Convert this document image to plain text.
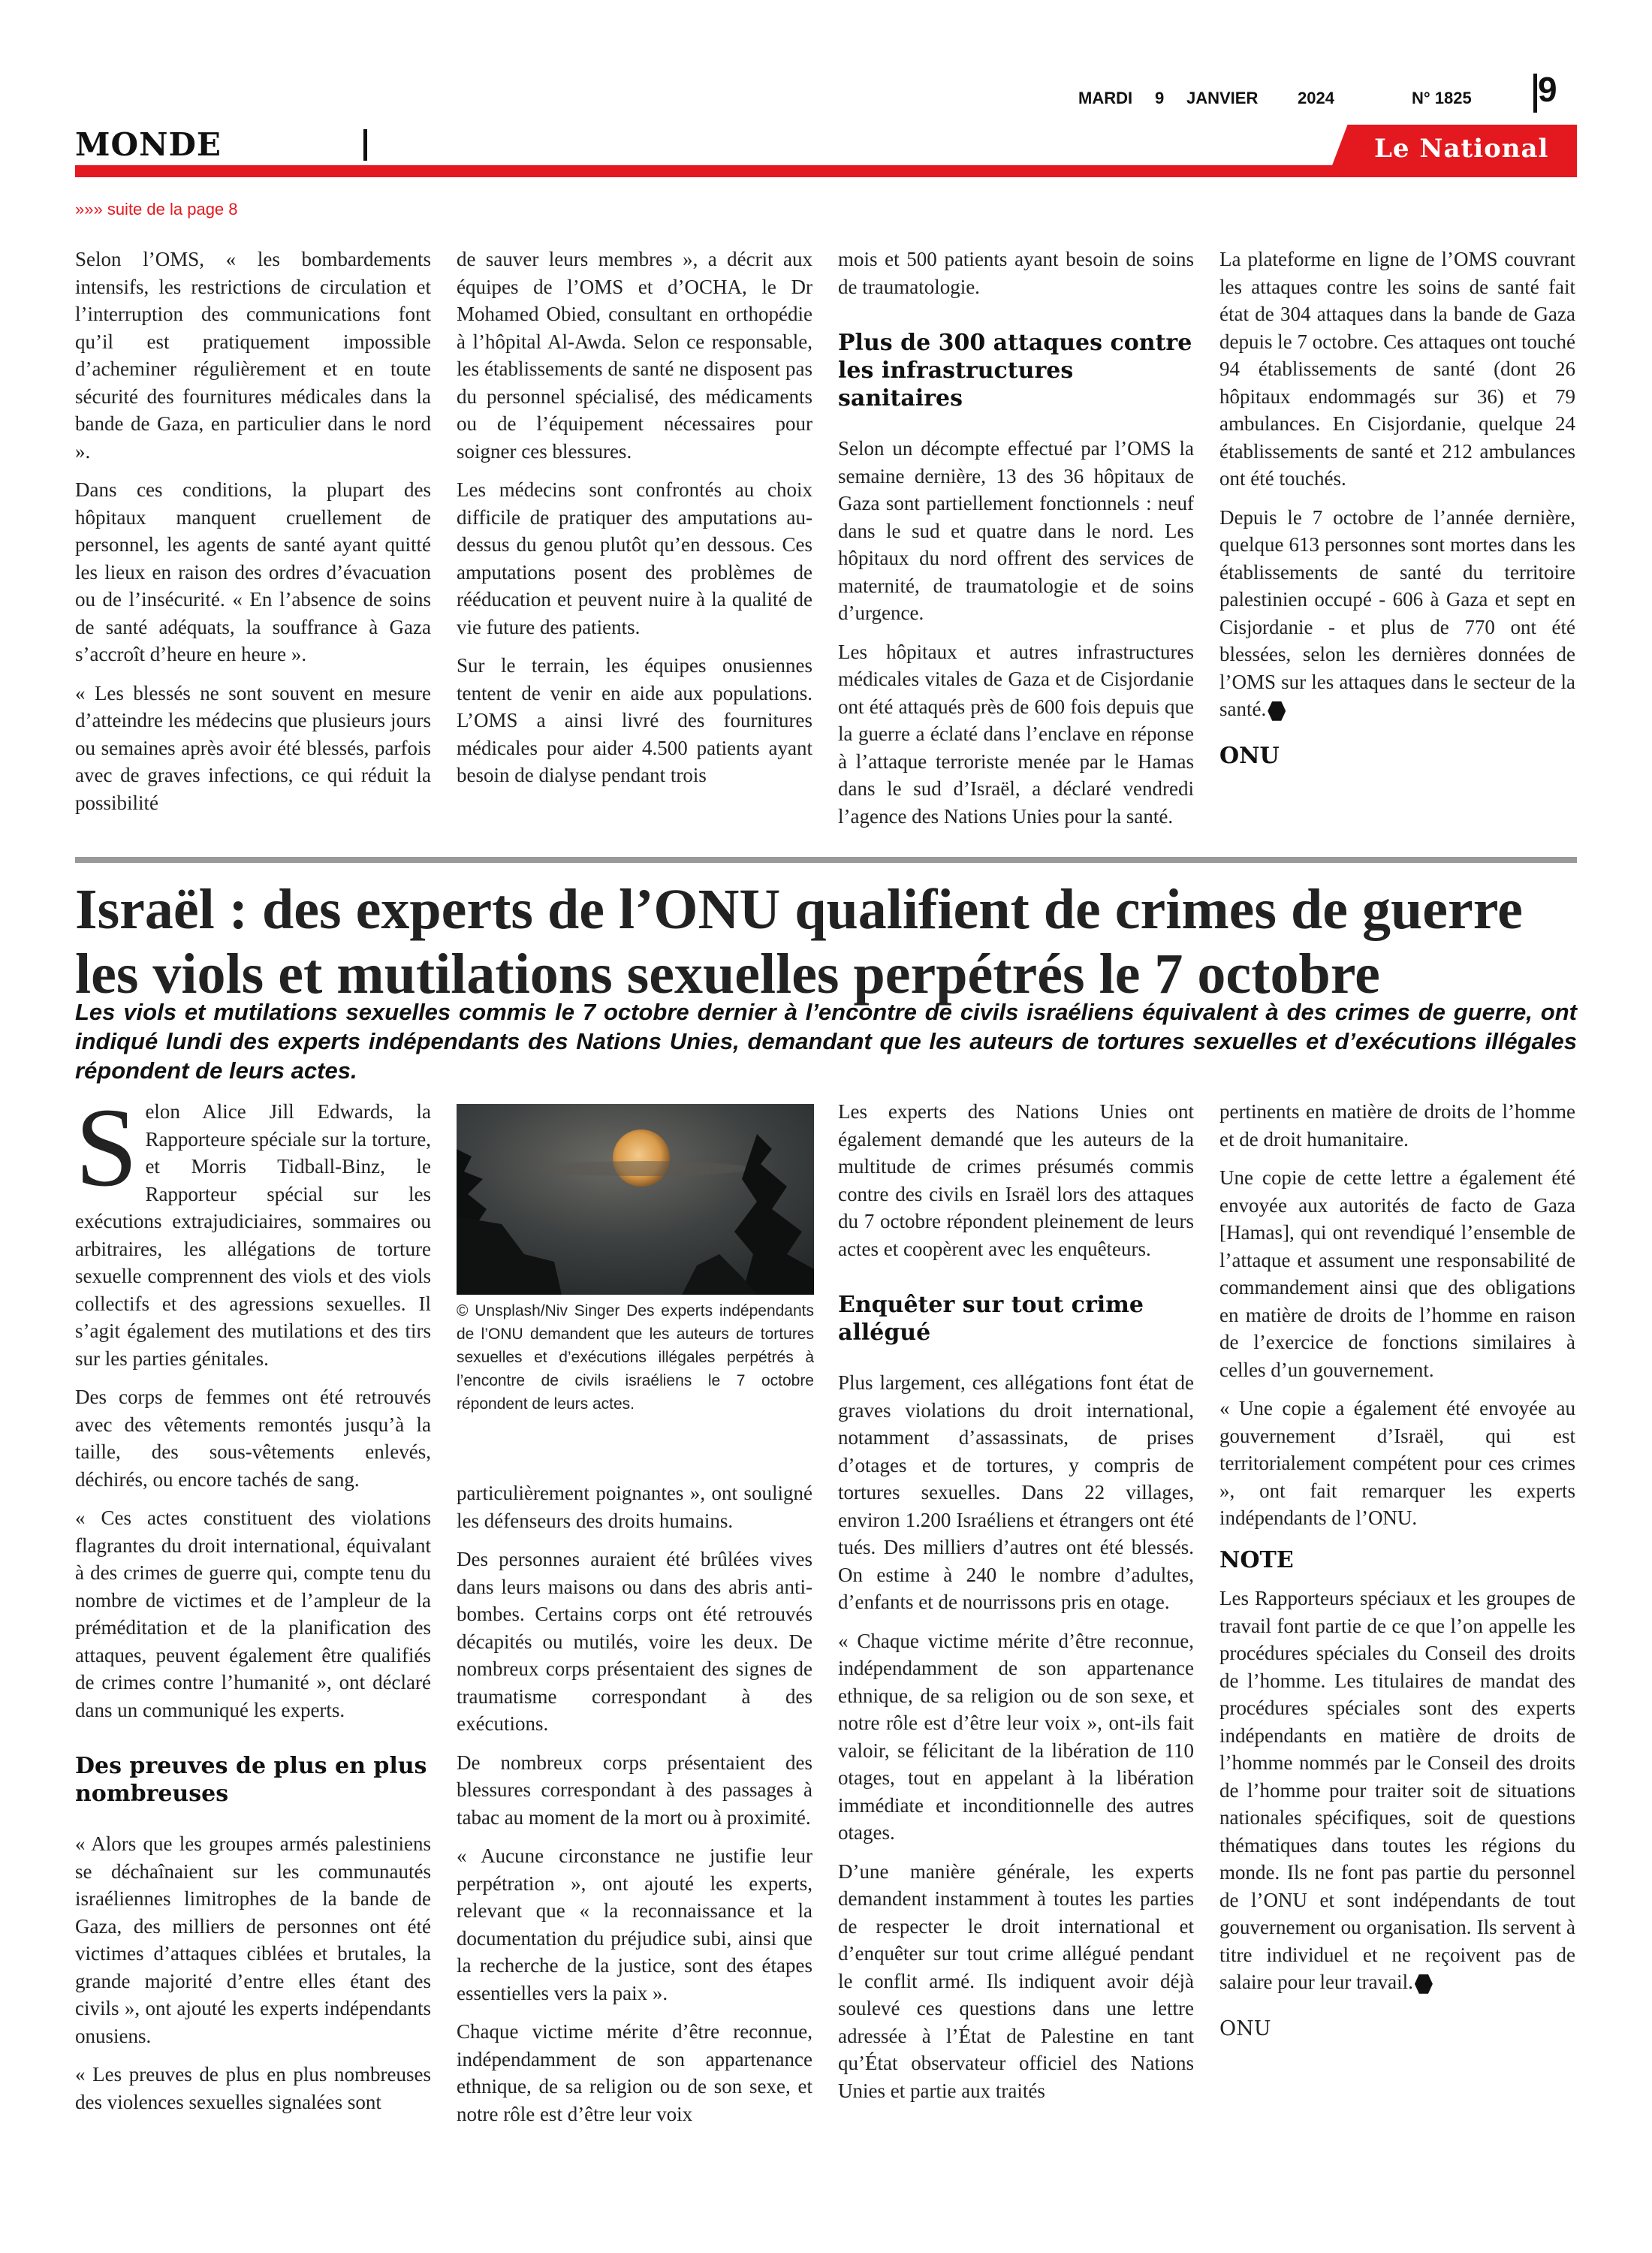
MARDI 9 JANVIER 2024	N° 1825 9
MONDE	Le National
»»» suite de la page 8

Selon l’OMS, « les bombardements intensifs, les restrictions de circulation et l’interruption des communications font qu’il est pratiquement impossible d’acheminer régulièrement et en toute sécurité des fournitures médicales dans la bande de Gaza, en particulier dans le nord ».

Dans ces conditions, la plupart des hôpitaux manquent cruellement de personnel, les agents de santé ayant quitté les lieux en raison des ordres d’évacuation ou de l’insécurité. « En l’absence de soins de santé adéquats, la souffrance à Gaza s’accroît d’heure en heure ».

« Les blessés ne sont souvent en mesure d’atteindre les médecins que plusieurs jours ou semaines après avoir été blessés, parfois avec de graves infections, ce qui réduit la possibilité

de sauver leurs membres », a décrit aux équipes de l’OMS et d’OCHA, le Dr Mohamed Obied, consultant en orthopédie à l’hôpital Al-Awda. Selon ce responsable, les établissements de santé ne disposent pas du personnel spécialisé, des médicaments ou de l’équipement nécessaires pour soigner ces blessures.

Les médecins sont confrontés au choix difficile de pratiquer des amputations au-dessus du genou plutôt qu’en dessous. Ces amputations posent des problèmes de rééducation et peuvent nuire à la qualité de vie future des patients.

Sur le terrain, les équipes onusiennes tentent de venir en aide aux populations. L’OMS a ainsi livré des fournitures médicales pour aider 4.500 patients ayant besoin de dialyse pendant trois

mois et 500 patients ayant besoin de soins de traumatologie.

Plus de 300 attaques contre les infrastructures sanitaires

Selon un décompte effectué par l’OMS la semaine dernière, 13 des 36 hôpitaux de Gaza sont partiellement fonctionnels : neuf dans le sud et quatre dans le nord. Les hôpitaux du nord offrent des services de maternité, de traumatologie et de soins d’urgence.

Les hôpitaux et autres infrastructures médicales vitales de Gaza et de Cisjordanie ont été attaqués près de 600 fois depuis que la guerre a éclaté dans l’enclave en réponse à l’attaque terroriste menée par le Hamas dans le sud d’Israël, a déclaré vendredi l’agence des Nations Unies pour la santé.

La plateforme en ligne de l’OMS couvrant les attaques contre les soins de santé fait état de 304 attaques dans la bande de Gaza depuis le 7 octobre. Ces attaques ont touché 94 établissements de santé (dont 26 hôpitaux endommagés sur 36) et 79 ambulances. En Cisjordanie, quelque 24 établissements de santé et 212 ambulances ont été touchés.

Depuis le 7 octobre de l’année dernière, quelque 613 personnes sont mortes dans les établissements de santé du territoire palestinien occupé - 606 à Gaza et sept en Cisjordanie - et plus de 770 ont été blessées, selon les dernières données de l’OMS sur les attaques dans le secteur de la santé.

ONU
Israël : des experts de l’ONU qualifient de crimes de guerre les viols et mutilations sexuelles perpétrés le 7 octobre
Les viols et mutilations sexuelles commis le 7 octobre dernier à l’encontre de civils israéliens équivalent à des crimes de guerre, ont indiqué lundi des experts indépendants des Nations Unies, demandant que les auteurs de tortures sexuelles et d’exécutions illégales répondent de leurs actes.

Selon Alice Jill Edwards, la Rapporteure spéciale sur la torture, et Morris Tidball-Binz, le Rapporteur spécial sur les exécutions extrajudiciaires, sommaires ou arbitraires, les allégations de torture sexuelle comprennent des viols et des viols collectifs et des agressions sexuelles. Il s’agit également des mutilations et des tirs sur les parties génitales.

Des corps de femmes ont été retrouvés avec des vêtements remontés jusqu’à la taille, des sous-vêtements enlevés, déchirés, ou encore tachés de sang.

« Ces actes constituent des violations flagrantes du droit international, équivalant à des crimes de guerre qui, compte tenu du nombre de victimes et de l’ampleur de la préméditation et de la planification des attaques, peuvent également être qualifiés de crimes contre l’humanité », ont déclaré dans un communiqué les experts.

Des preuves de plus en plus nombreuses

« Alors que les groupes armés palestiniens se déchaînaient sur les communautés israéliennes limitrophes de la bande de Gaza, des milliers de personnes ont été victimes d’attaques ciblées et brutales, la grande majorité d’entre elles étant des civils », ont ajouté les experts indépendants onusiens.

« Les preuves de plus en plus nombreuses des violences sexuelles signalées sont

© Unsplash/Niv Singer Des experts indépendants de l’ONU demandent que les auteurs de tortures sexuelles et d’exécutions illégales perpétrés à l’encontre de civils israéliens le 7 octobre répondent de leurs actes.

particulièrement poignantes », ont souligné les défenseurs des droits humains.

Des personnes auraient été brûlées vives dans leurs maisons ou dans des abris anti-bombes. Certains corps ont été retrouvés décapités ou mutilés, voire les deux. De nombreux corps présentaient des signes de traumatisme correspondant à des exécutions.

De nombreux corps présentaient des blessures correspondant à des passages à tabac au moment de la mort ou à proximité.

« Aucune circonstance ne justifie leur perpétration », ont ajouté les experts, relevant que « la reconnaissance et la documentation du préjudice subi, ainsi que la recherche de la justice, sont des étapes essentielles vers la paix ».

Chaque victime mérite d’être reconnue, indépendamment de son appartenance ethnique, de sa religion ou de son sexe, et notre rôle est d’être leur voix

Les experts des Nations Unies ont également demandé que les auteurs de la multitude de crimes présumés commis contre des civils en Israël lors des attaques du 7 octobre répondent pleinement de leurs actes et coopèrent avec les enquêteurs.

Enquêter sur tout crime allégué

Plus largement, ces allégations font état de graves violations du droit international, notamment d’assassinats, de prises d’otages et de tortures, y compris de tortures sexuelles. Dans 22 villages, environ 1.200 Israéliens et étrangers ont été tués. Des milliers d’autres ont été blessés. On estime à 240 le nombre d’adultes, d’enfants et de nourrissons pris en otage.

« Chaque victime mérite d’être reconnue, indépendamment de son appartenance ethnique, de sa religion ou de son sexe, et notre rôle est d’être leur voix », ont-ils fait valoir, se félicitant de la libération de 110 otages, tout en appelant à la libération immédiate et inconditionnelle des autres otages.

D’une manière générale, les experts demandent instamment à toutes les parties de respecter le droit international et d’enquêter sur tout crime allégué pendant le conflit armé. Ils indiquent avoir déjà soulevé ces questions dans une lettre adressée à l’État de Palestine en tant qu’État observateur officiel des Nations Unies et partie aux traités

pertinents en matière de droits de l’homme et de droit humanitaire.

Une copie de cette lettre a également été envoyée aux autorités de facto de Gaza [Hamas], qui ont revendiqué l’ensemble de l’attaque et assument une responsabilité de commandement ainsi que des obligations en matière de droits de l’homme en raison de l’exercice de fonctions similaires à celles d’un gouvernement.

« Une copie a également été envoyée au gouvernement d’Israël, qui est territorialement compétent pour ces crimes », ont fait remarquer les experts indépendants de l’ONU.

NOTE

Les Rapporteurs spéciaux et les groupes de travail font partie de ce que l’on appelle les procédures spéciales du Conseil des droits de l’homme. Les titulaires de mandat des procédures spéciales sont des experts indépendants en matière de droits de l’homme nommés par le Conseil des droits de l’homme pour traiter soit de situations nationales spécifiques, soit de questions thématiques dans toutes les régions du monde. Ils ne font pas partie du personnel de l’ONU et sont indépendants de tout gouvernement ou organisation. Ils servent à titre individuel et ne reçoivent pas de salaire pour leur travail.

ONU
